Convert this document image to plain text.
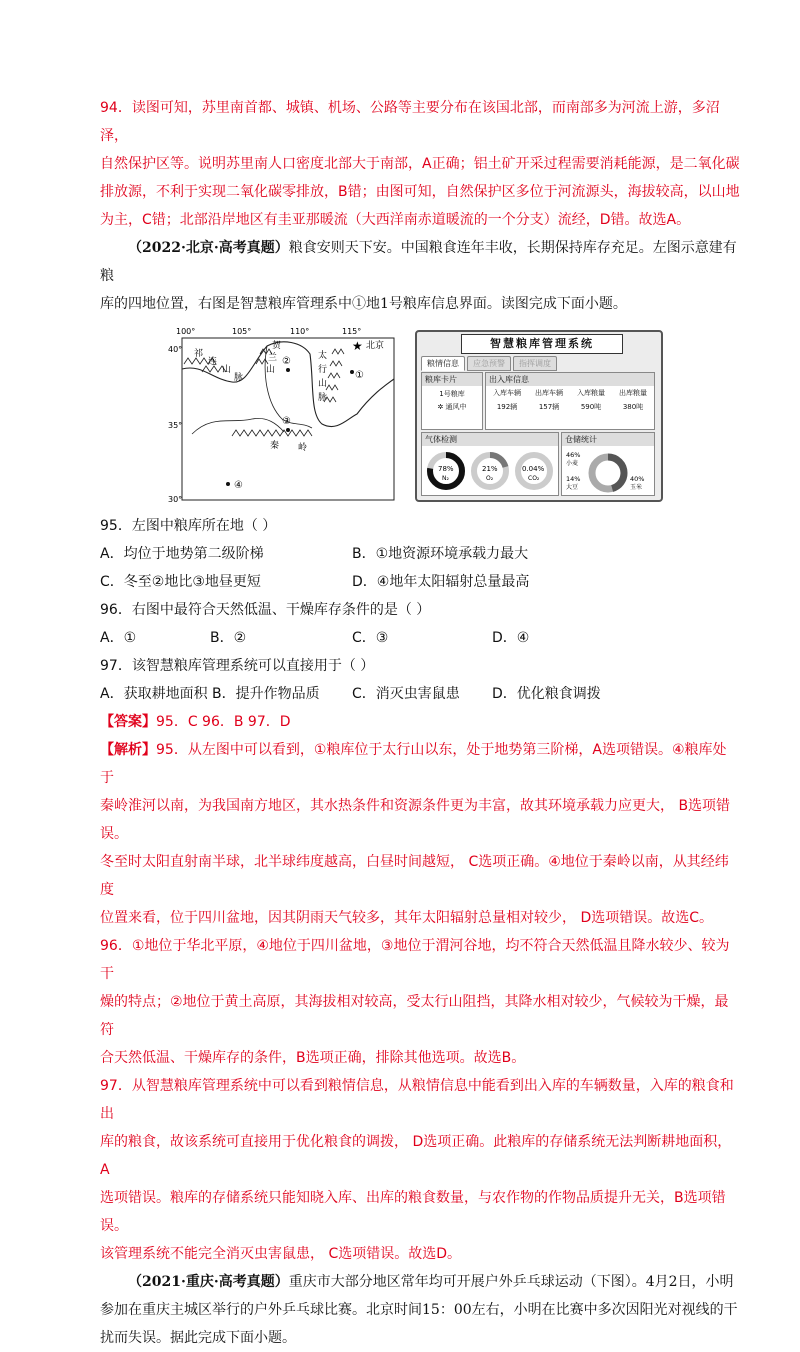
94．读图可知，苏里南首都、城镇、机场、公路等主要分布在该国北部，而南部多为河流上游，多沼泽，

自然保护区等。说明苏里南人口密度北部大于南部，A正确；铝土矿开采过程需要消耗能源，是二氧化碳

排放源，不利于实现二氧化碳零排放，B错；由图可知，自然保护区多位于河流源头，海拔较高，以山地

为主，C错；北部沿岸地区有圭亚那暖流（大西洋南赤道暖流的一个分支）流经，D错。故选A。

（2022·北京·高考真题）粮食安则天下安。中国粮食连年丰收，长期保持库存充足。左图示意建有粮

库的四地位置，右图是智慧粮库管理系中①地1号粮库信息界面。读图完成下面小题。

100°	105°	110°	115°
40°
35°
30°
祁
连
山
脉
贺
兰
山
太
行
山
脉
秦 岭
★ 北京
①
②
③
④
智慧粮库管理系统
粮情信息	应急预警	指挥调度
粮库卡片
1号粮库
✲ 通风中
出入库信息
入库车辆	出库车辆	入库粮量	出库粮量
192辆	157辆	590吨	380吨
气体检测
78%
N₂
21%
O₂
0.04%
CO₂
仓储统计
46%
小麦
14%
大豆
40%
玉米

95．左图中粮库所在地（ ）

A．均位于地势第二级阶梯	B．①地资源环境承载力最大
C．冬至②地比③地昼更短	D．④地年太阳辐射总量最高

96．右图中最符合天然低温、干燥库存条件的是（ ）

A．①	B．②	C．③	D．④

97．该智慧粮库管理系统可以直接用于（ ）

A．获取耕地面积 B．提升作物品质	C．消灭虫害鼠患	D．优化粮食调拨

【答案】95．C 96．B 97．D

【解析】95．从左图中可以看到，①粮库位于太行山以东，处于地势第三阶梯，A选项错误。④粮库处于

秦岭淮河以南，为我国南方地区，其水热条件和资源条件更为丰富，故其环境承载力应更大， B选项错误。

冬至时太阳直射南半球，北半球纬度越高，白昼时间越短， C选项正确。④地位于秦岭以南，从其经纬度

位置来看，位于四川盆地，因其阴雨天气较多，其年太阳辐射总量相对较少， D选项错误。故选C。

96．①地位于华北平原，④地位于四川盆地，③地位于渭河谷地，均不符合天然低温且降水较少、较为干

燥的特点；②地位于黄土高原，其海拔相对较高，受太行山阻挡，其降水相对较少，气候较为干燥，最符

合天然低温、干燥库存的条件，B选项正确，排除其他选项。故选B。

97．从智慧粮库管理系统中可以看到粮情信息，从粮情信息中能看到出入库的车辆数量，入库的粮食和出

库的粮食，故该系统可直接用于优化粮食的调拨， D选项正确。此粮库的存储系统无法判断耕地面积，A

选项错误。粮库的存储系统只能知晓入库、出库的粮食数量，与农作物的作物品质提升无关，B选项错误。

该管理系统不能完全消灭虫害鼠患， C选项错误。故选D。

（2021·重庆·高考真题）重庆市大部分地区常年均可开展户外乒乓球运动（下图）。4月2日，小明

参加在重庆主城区举行的户外乒乓球比赛。北京时间15：00左右，小明在比赛中多次因阳光对视线的干

扰而失误。据此完成下面小题。
